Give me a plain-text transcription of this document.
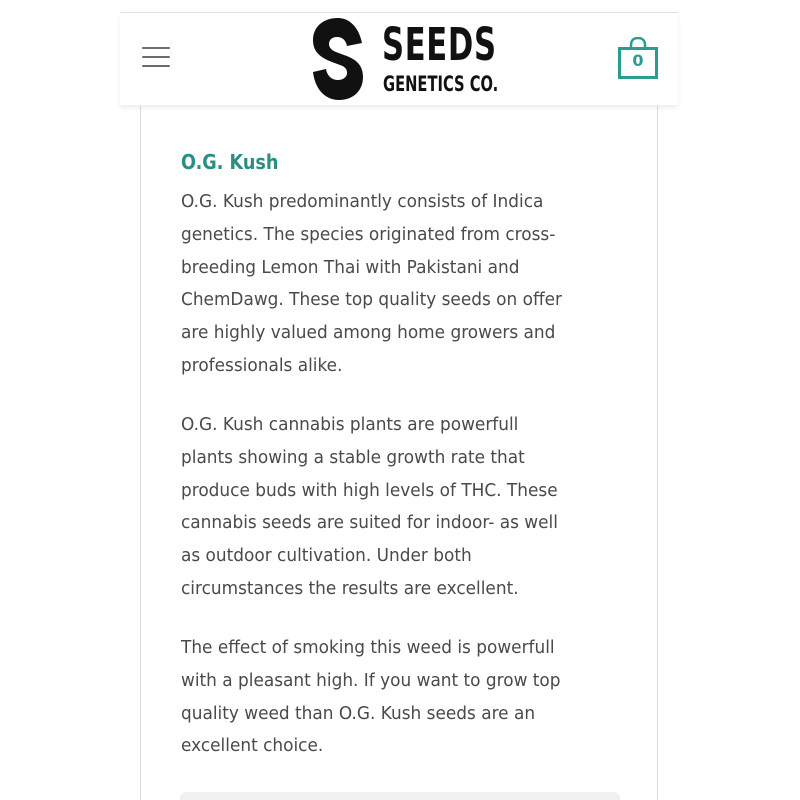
SEEDS
GENETICS CO.
0
O.G. Kush

O.G. Kush predominantly consists of Indica
genetics. The species originated from cross-
breeding Lemon Thai with Pakistani and
ChemDawg. These top quality seeds on offer
are highly valued among home growers and
professionals alike.

O.G. Kush cannabis plants are powerfull
plants showing a stable growth rate that
produce buds with high levels of THC. These
cannabis seeds are suited for indoor- as well
as outdoor cultivation. Under both
circumstances the results are excellent.

The effect of smoking this weed is powerfull
with a pleasant high. If you want to grow top
quality weed than O.G. Kush seeds are an
excellent choice.
